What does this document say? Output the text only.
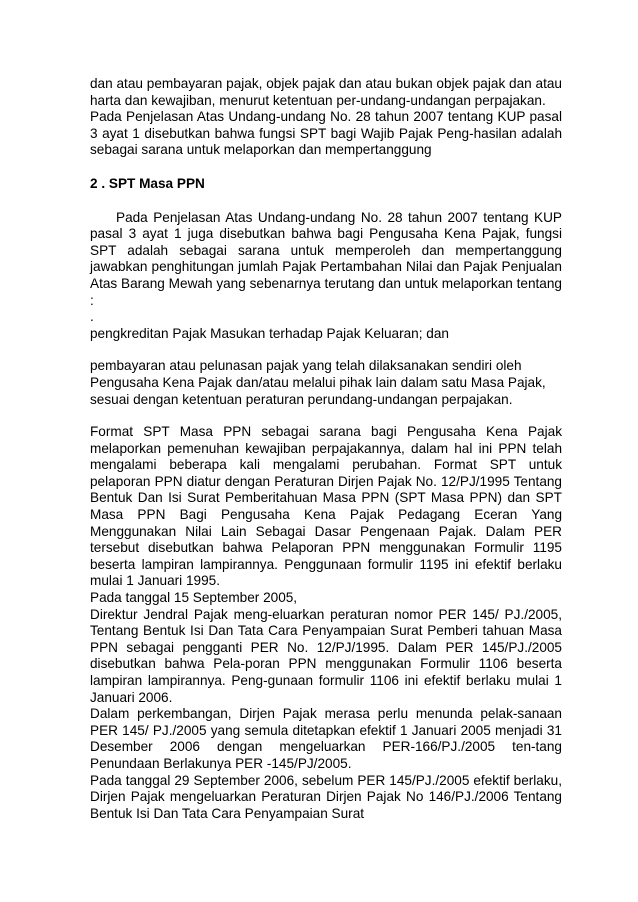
dan atau pembayaran pajak, objek pajak dan atau bukan objek pajak dan atau harta dan kewajiban, menurut ketentuan per-undang-undangan perpajakan.

Pada Penjelasan Atas Undang-undang No. 28 tahun 2007 tentang KUP pasal 3 ayat 1 disebutkan bahwa fungsi SPT bagi Wajib Pajak Peng-hasilan adalah sebagai sarana untuk melaporkan dan mempertanggung

2 . SPT Masa PPN

Pada Penjelasan Atas Undang-undang No. 28 tahun 2007 tentang KUP pasal 3 ayat 1 juga disebutkan bahwa bagi Pengusaha Kena Pajak, fungsi SPT adalah sebagai sarana untuk memperoleh dan mempertanggung jawabkan penghitungan jumlah Pajak Pertambahan Nilai dan Pajak Penjualan Atas Barang Mewah yang sebenarnya terutang dan untuk melaporkan tentang :

.

pengkreditan Pajak Masukan terhadap Pajak Keluaran; dan

pembayaran atau pelunasan pajak yang telah dilaksanakan sendiri oleh Pengusaha Kena Pajak dan/atau melalui pihak lain dalam satu Masa Pajak, sesuai dengan ketentuan peraturan perundang-undangan perpajakan.

Format SPT Masa PPN sebagai sarana bagi Pengusaha Kena Pajak melaporkan pemenuhan kewajiban perpajakannya, dalam hal ini PPN telah mengalami beberapa kali mengalami perubahan. Format SPT untuk pelaporan PPN diatur dengan Peraturan Dirjen Pajak No. 12/PJ/1995 Tentang Bentuk Dan Isi Surat Pemberitahuan Masa PPN (SPT Masa PPN) dan SPT Masa PPN Bagi Pengusaha Kena Pajak Pedagang Eceran Yang Menggunakan Nilai Lain Sebagai Dasar Pengenaan Pajak. Dalam PER tersebut disebutkan bahwa Pelaporan PPN menggunakan Formulir 1195 beserta lampiran lampirannya. Penggunaan formulir 1195 ini efektif berlaku mulai 1 Januari 1995.

Pada tanggal 15 September 2005,

Direktur Jendral Pajak meng-eluarkan peraturan nomor PER 145/ PJ./2005, Tentang Bentuk Isi Dan Tata Cara Penyampaian Surat Pemberi tahuan Masa PPN sebagai pengganti PER No. 12/PJ/1995. Dalam PER 145/PJ./2005 disebutkan bahwa Pela-poran PPN menggunakan Formulir 1106 beserta lampiran lampirannya. Peng-gunaan formulir 1106 ini efektif berlaku mulai 1 Januari 2006.

Dalam perkembangan, Dirjen Pajak merasa perlu menunda pelak-sanaan PER 145/ PJ./2005 yang semula ditetapkan efektif 1 Januari 2005 menjadi 31 Desember 2006 dengan mengeluarkan PER-166/PJ./2005 ten-tang Penundaan Berlakunya PER -145/PJ/2005.

Pada tanggal 29 September 2006, sebelum PER 145/PJ./2005 efektif berlaku, Dirjen Pajak mengeluarkan Peraturan Dirjen Pajak No 146/PJ./2006 Tentang Bentuk Isi Dan Tata Cara Penyampaian Surat
